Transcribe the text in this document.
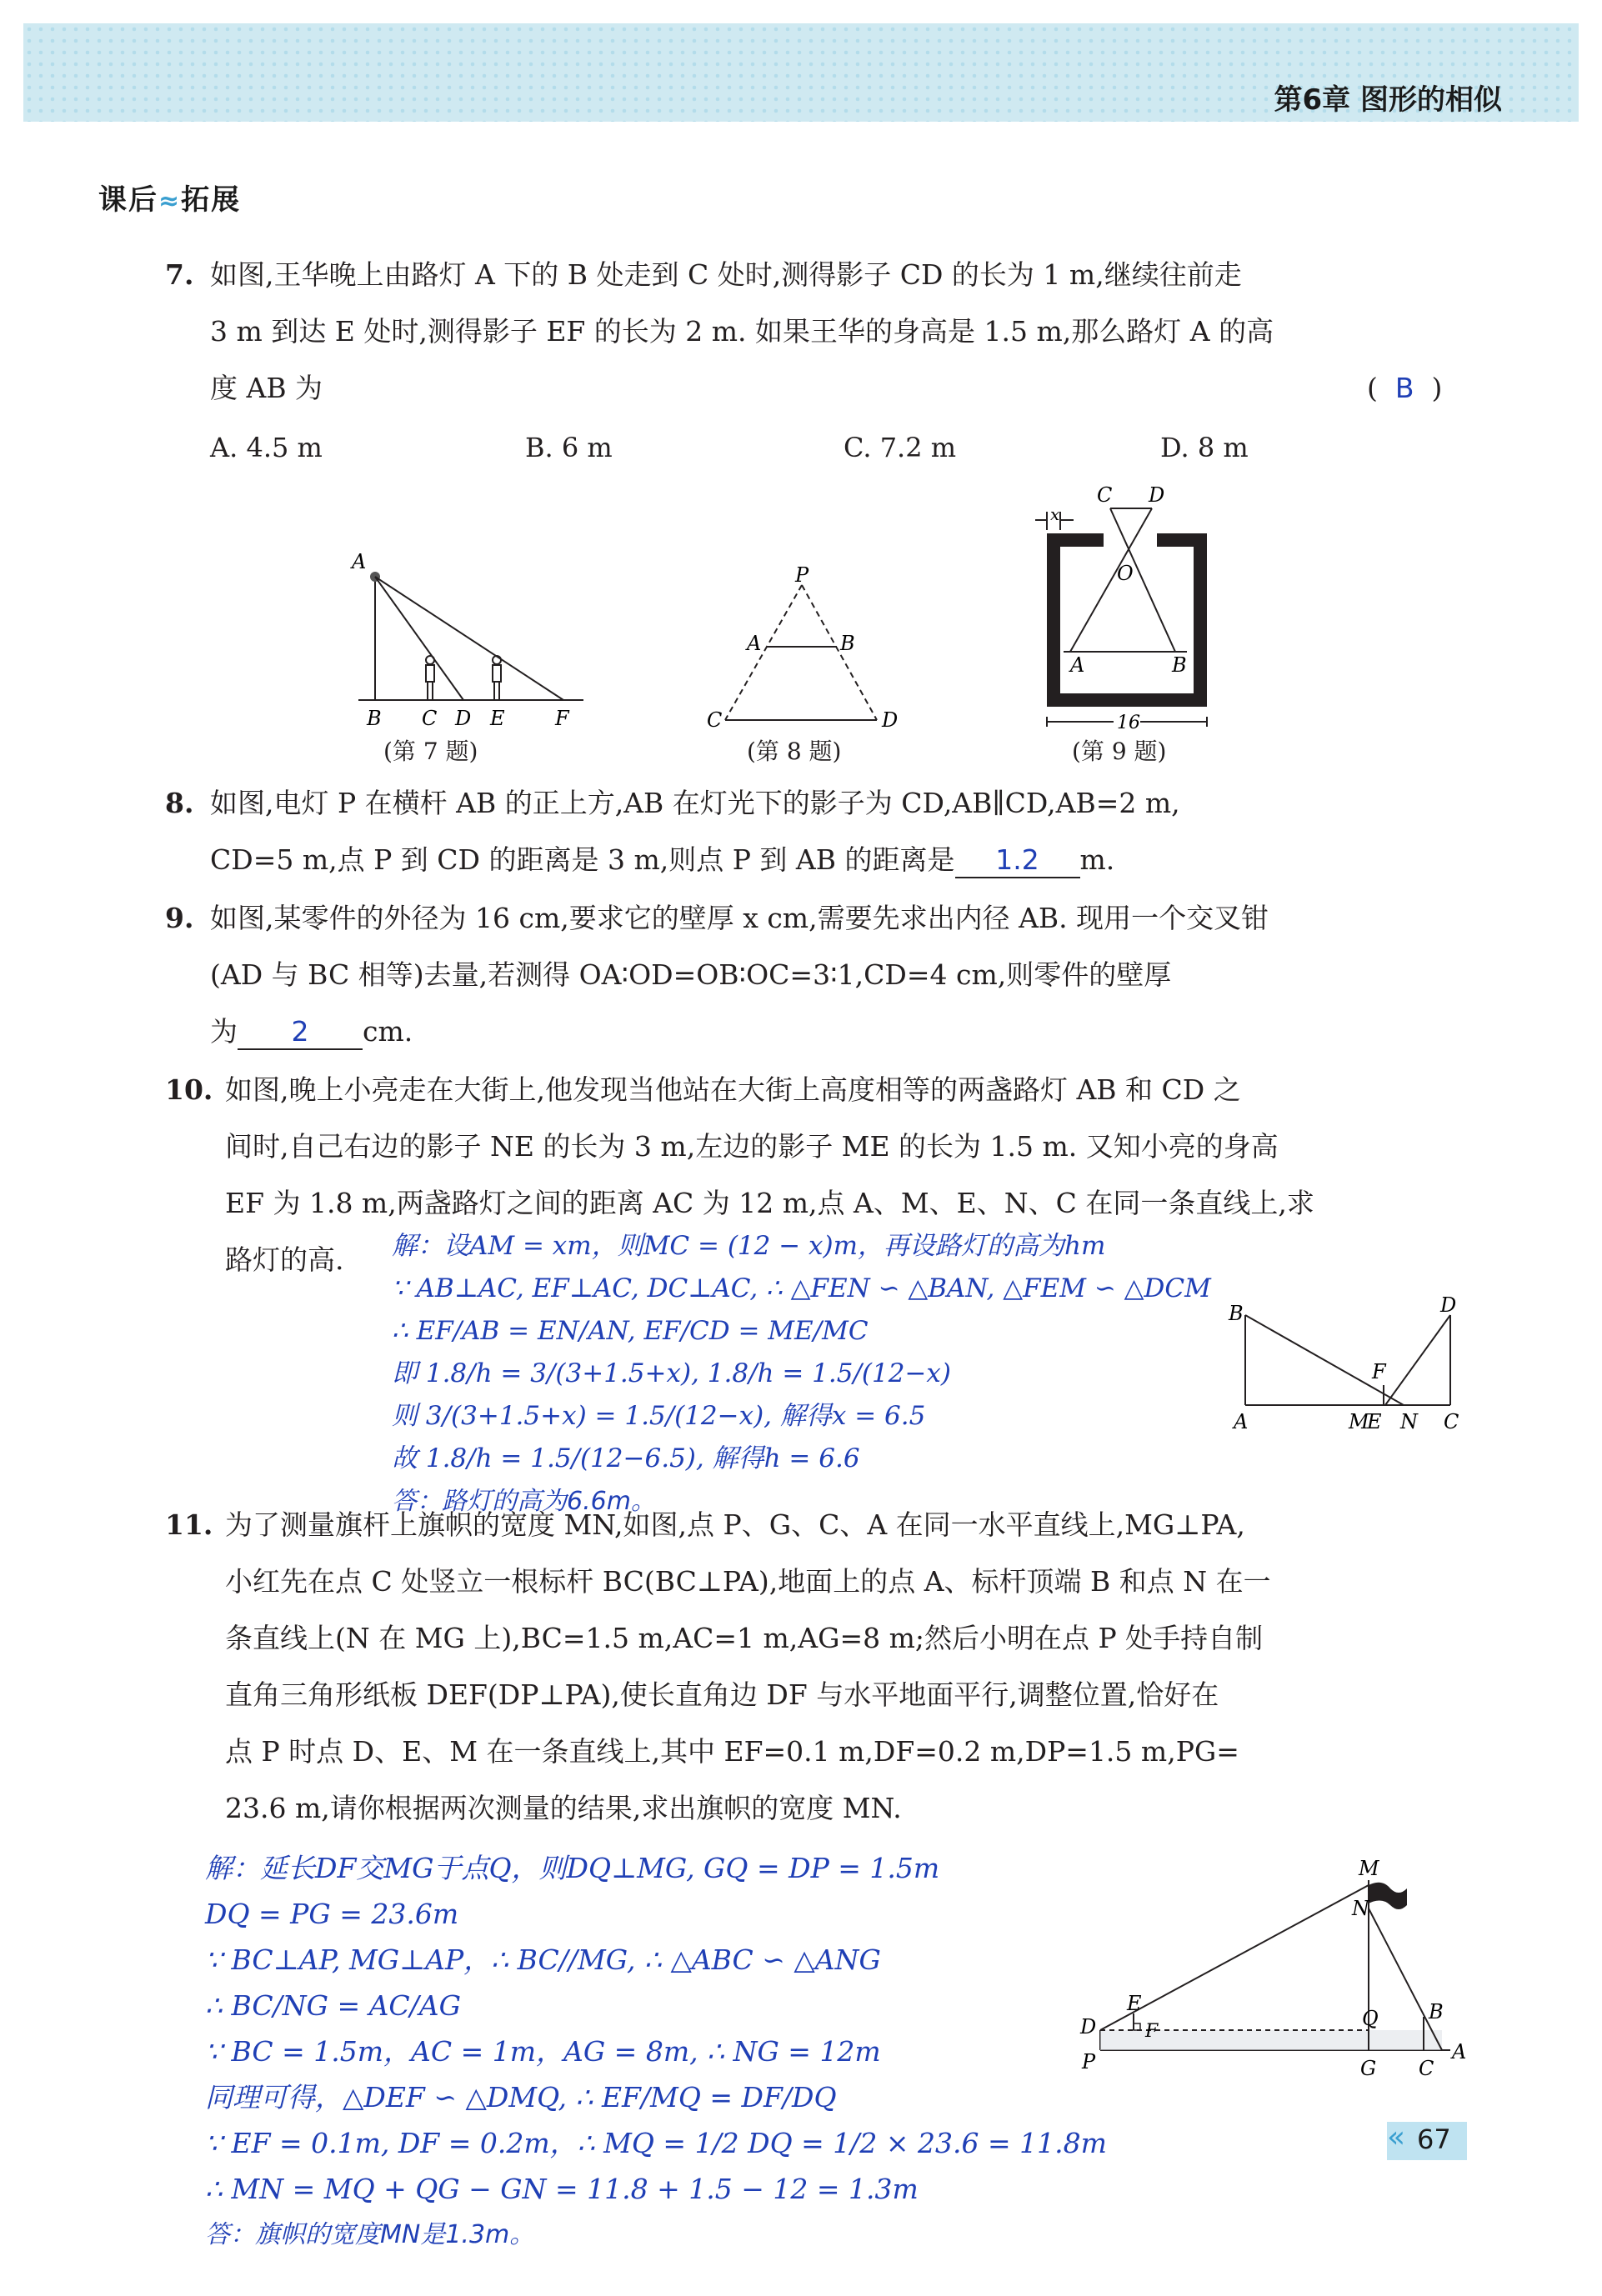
第6章 图形的相似
课后≈拓展
7. 如图,王华晚上由路灯 A 下的 B 处走到 C 处时,测得影子 CD 的长为 1 m,继续往前走
3 m 到达 E 处时,测得影子 EF 的长为 2 m. 如果王华的身高是 1.5 m,那么路灯 A 的高
度 AB 为	( B )
A. 4.5 m	B. 6 m	C. 7.2 m	D. 8 m
A
B C D E	F
(第 7 题)
P
A	B
C	D
(第 8 题)
C D
x
O
A	B
16
(第 9 题)
8. 如图,电灯 P 在横杆 AB 的正上方,AB 在灯光下的影子为 CD,AB∥CD,AB=2 m,
CD=5 m,点 P 到 CD 的距离是 3 m,则点 P 到 AB 的距离是 1.2 m.
9. 如图,某零件的外径为 16 cm,要求它的壁厚 x cm,需要先求出内径 AB. 现用一个交叉钳
(AD 与 BC 相等)去量,若测得 OA∶OD=OB∶OC=3∶1,CD=4 cm,则零件的壁厚
为 2 cm.
10. 如图,晚上小亮走在大街上,他发现当他站在大街上高度相等的两盏路灯 AB 和 CD 之
间时,自己右边的影子 NE 的长为 3 m,左边的影子 ME 的长为 1.5 m. 又知小亮的身高
EF 为 1.8 m,两盏路灯之间的距离 AC 为 12 m,点 A、M、E、N、C 在同一条直线上,求
路灯的高.	解：设AM = xm，则MC = (12 − x)m，再设路灯的高为hm
∵ AB⊥AC, EF⊥AC, DC⊥AC, ∴ △FEN ∽ △BAN, △FEM ∽ △DCM
∴ EF/AB = EN/AN, EF/CD = ME/MC
即 1.8/h = 3/(3+1.5+x), 1.8/h = 1.5/(12−x)
则 3/(3+1.5+x) = 1.5/(12−x), 解得x = 6.5
故 1.8/h = 1.5/(12−6.5), 解得h = 6.6
答：路灯的高为6.6m。
B	D
F
A	M
E N C
11. 为了测量旗杆上旗帜的宽度 MN,如图,点 P、G、C、A 在同一水平直线上,MG⊥PA,
小红先在点 C 处竖立一根标杆 BC(BC⊥PA),地面上的点 A、标杆顶端 B 和点 N 在一
条直线上(N 在 MG 上),BC=1.5 m,AC=1 m,AG=8 m;然后小明在点 P 处手持自制
直角三角形纸板 DEF(DP⊥PA),使长直角边 DF 与水平地面平行,调整位置,恰好在
点 P 时点 D、E、M 在一条直线上,其中 EF=0.1 m,DF=0.2 m,DP=1.5 m,PG=
23.6 m,请你根据两次测量的结果,求出旗帜的宽度 MN.
解：延长DF交MG于点Q，则DQ⊥MG, GQ = DP = 1.5m
DQ = PG = 23.6m
∵ BC⊥AP, MG⊥AP，∴ BC//MG, ∴ △ABC ∽ △ANG
∴ BC/NG = AC/AG
∵ BC = 1.5m，AC = 1m，AG = 8m, ∴ NG = 12m
同理可得，△DEF ∽ △DMQ, ∴ EF/MQ = DF/DQ
∵ EF = 0.1m, DF = 0.2m，∴ MQ = 1/2 DQ = 1/2 × 23.6 = 11.8m
∴ MN = MQ + QG − GN = 11.8 + 1.5 − 12 = 1.3m
答：旗帜的宽度MN是1.3m。
M
N
E
D	F
Q	B
P	G C
A
« 67
